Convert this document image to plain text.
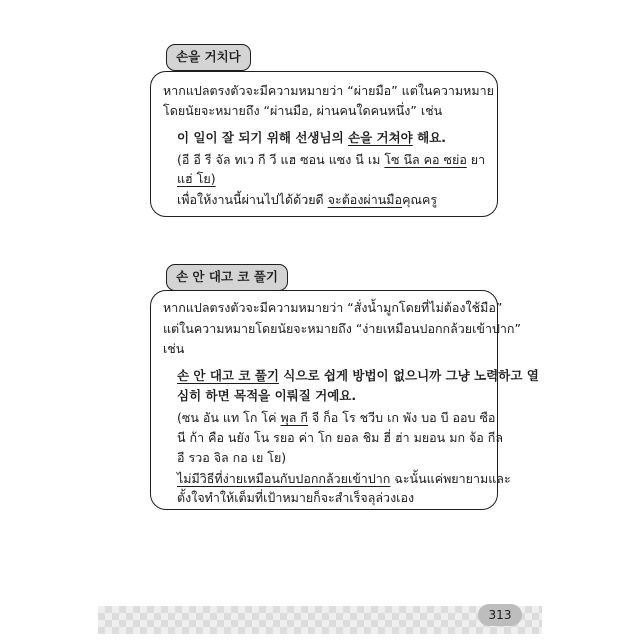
손을 거치다
หากแปลตรงตัวจะมีความหมายว่า “ผ่ายมือ” แต่ในความหมาย
โดยนัยจะหมายถึง “ผ่านมือ, ผ่านคนใดคนหนึ่ง” เช่น
이 일이 잘 되기 위해 선생님의 손을 거쳐야 해요.
(อี อี รี จัล ทเว กี วี แฮ ซอน แซง นี เม โซ นึล คอ ซย่อ ยา
แฮ่ โย)
เพื่อให้งานนี้ผ่านไปได้ด้วยดี จะต้องผ่านมือคุณครู
손 안 대고 코 풀기
หากแปลตรงตัวจะมีความหมายว่า “สั่งน้ำมูกโดยที่ไม่ต้องใช้มือ”
แต่ในความหมายโดยนัยจะหมายถึง “ง่ายเหมือนปอกกล้วยเข้าปาก”
เช่น
손 안 대고 코 풀기 식으로 쉽게 방법이 없으니까 그냥 노력하고 열
심히 하면 목적을 이뤄질 거예요.
(ซน อัน แท โก โค่ พุล กี จี ก็อ โร ชวีบ เก พัง บอ บี ออบ ซือ
นี ก้า คือ นยัง โน รยอ ค่า โก ยอล ชิม ฮี่ ฮ่า มยอน มก จ้อ กีล
อี รวอ จิล กอ เย โย)
ไม่มีวิธีที่ง่ายเหมือนกับปอกกล้วยเข้าปาก ฉะนั้นแค่พยายามและ
ตั้งใจทำให้เต็มที่เป้าหมายก็จะสำเร็จลุล่วงเอง
313
